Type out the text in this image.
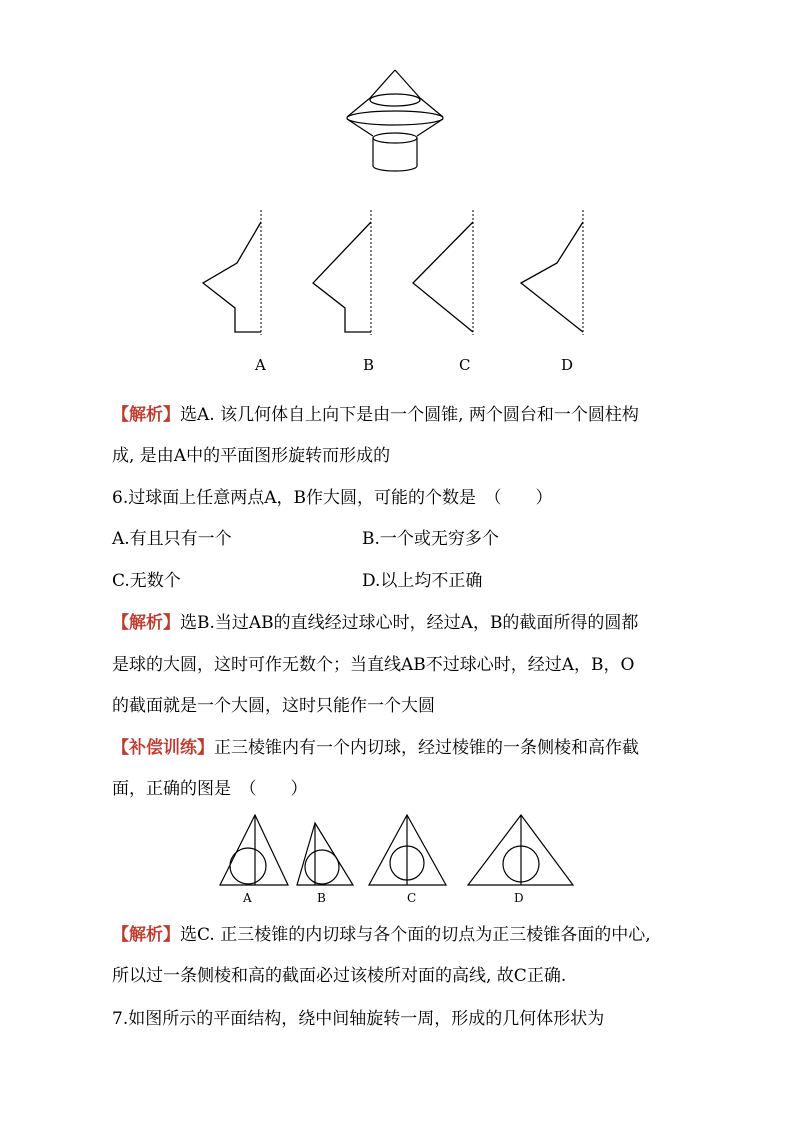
A	B	C	D
【解析】选A. 该几何体自上向下是由一个圆锥, 两个圆台和一个圆柱构
成, 是由A中的平面图形旋转而形成的
6.过球面上任意两点A，B作大圆，可能的个数是　（　　）
A.有且只有一个	B.一个或无穷多个
C.无数个	D.以上均不正确
【解析】选B.当过AB的直线经过球心时，经过A，B的截面所得的圆都
是球的大圆，这时可作无数个；当直线AB不过球心时，经过A，B，O
的截面就是一个大圆，这时只能作一个大圆
【补偿训练】正三棱锥内有一个内切球，经过棱锥的一条侧棱和高作截
面，正确的图是　（　　）
A	B	C	D
【解析】选C. 正三棱锥的内切球与各个面的切点为正三棱锥各面的中心,
所以过一条侧棱和高的截面必过该棱所对面的高线, 故C正确.
7.如图所示的平面结构，绕中间轴旋转一周，形成的几何体形状为
